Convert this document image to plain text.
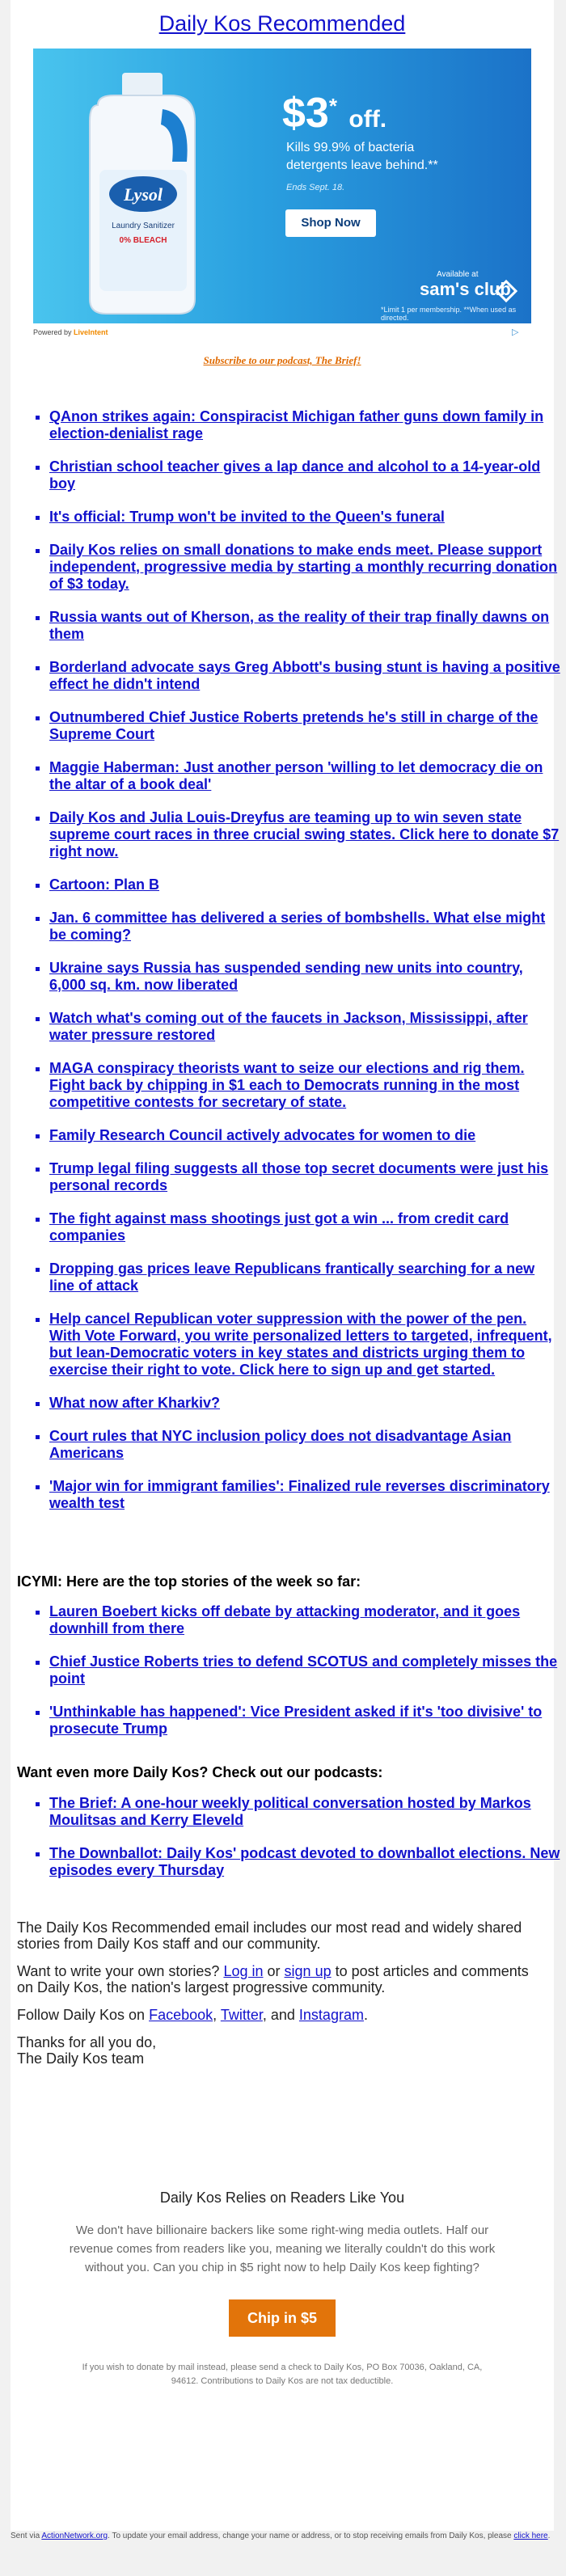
Daily Kos Recommended
Lysol
Laundry Sanitizer
0% BLEACH
$3* off.
Kills 99.9% of bacteria
detergents leave behind.**
Ends Sept. 18.
Shop Now
Available at
sam's club
*Limit 1 per membership. **When used as directed.
Powered by LiveIntent	▷
Subscribe to our podcast, The Brief!
▪ QAnon strikes again: Conspiracist Michigan father guns down family in election-denialist rage
▪ Christian school teacher gives a lap dance and alcohol to a 14-year-old boy
▪ It's official: Trump won't be invited to the Queen's funeral
▪ Daily Kos relies on small donations to make ends meet. Please support independent, progressive media by starting a monthly recurring donation of $3 today.
▪ Russia wants out of Kherson, as the reality of their trap finally dawns on them
▪ Borderland advocate says Greg Abbott's busing stunt is having a positive effect he didn't intend
▪ Outnumbered Chief Justice Roberts pretends he's still in charge of the Supreme Court
▪ Maggie Haberman: Just another person 'willing to let democracy die on the altar of a book deal'
▪ Daily Kos and Julia Louis-Dreyfus are teaming up to win seven state supreme court races in three crucial swing states. Click here to donate $7 right now.
▪ Cartoon: Plan B
▪ Jan. 6 committee has delivered a series of bombshells. What else might be coming?
▪ Ukraine says Russia has suspended sending new units into country, 6,000 sq. km. now liberated
▪ Watch what's coming out of the faucets in Jackson, Mississippi, after water pressure restored
▪ MAGA conspiracy theorists want to seize our elections and rig them. Fight back by chipping in $1 each to Democrats running in the most competitive contests for secretary of state.
▪ Family Research Council actively advocates for women to die
▪ Trump legal filing suggests all those top secret documents were just his personal records
▪ The fight against mass shootings just got a win ... from credit card companies
▪ Dropping gas prices leave Republicans frantically searching for a new line of attack
▪ Help cancel Republican voter suppression with the power of the pen. With Vote Forward, you write personalized letters to targeted, infrequent, but lean-Democratic voters in key states and districts urging them to exercise their right to vote. Click here to sign up and get started.
▪ What now after Kharkiv?
▪ Court rules that NYC inclusion policy does not disadvantage Asian Americans
▪ 'Major win for immigrant families': Finalized rule reverses discriminatory wealth test
ICYMI: Here are the top stories of the week so far:
▪ Lauren Boebert kicks off debate by attacking moderator, and it goes downhill from there
▪ Chief Justice Roberts tries to defend SCOTUS and completely misses the point
▪ 'Unthinkable has happened': Vice President asked if it's 'too divisive' to prosecute Trump
Want even more Daily Kos? Check out our podcasts:
▪ The Brief: A one-hour weekly political conversation hosted by Markos Moulitsas and Kerry Eleveld
▪ The Downballot: Daily Kos' podcast devoted to downballot elections. New episodes every Thursday

The Daily Kos Recommended email includes our most read and widely shared stories from Daily Kos staff and our community.

Want to write your own stories? Log in or sign up to post articles and comments on Daily Kos, the nation's largest progressive community.

Follow Daily Kos on Facebook, Twitter, and Instagram.

Thanks for all you do,
The Daily Kos team

Daily Kos Relies on Readers Like You
We don't have billionaire backers like some right-wing media outlets. Half our revenue comes from readers like you, meaning we literally couldn't do this work without you. Can you chip in $5 right now to help Daily Kos keep fighting?
Chip in $5
If you wish to donate by mail instead, please send a check to Daily Kos, PO Box 70036, Oakland, CA, 94612. Contributions to Daily Kos are not tax deductible.
Sent via ActionNetwork.org. To update your email address, change your name or address, or to stop receiving emails from Daily Kos, please click here.
